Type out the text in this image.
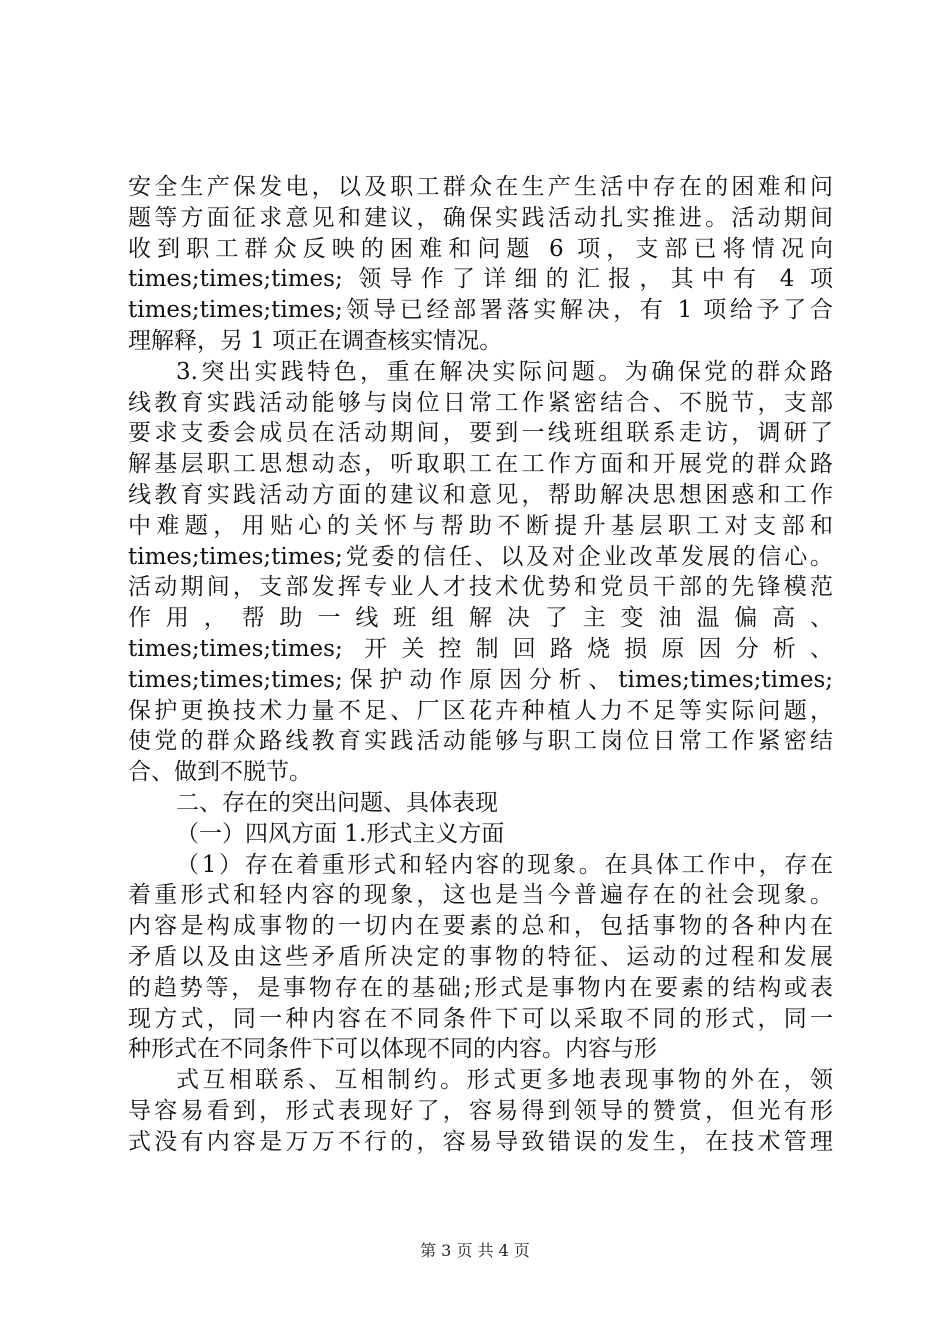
安全生产保发电，以及职工群众在生产生活中存在的困难和问
题等方面征求意见和建议，确保实践活动扎实推进。活动期间
收到职工群众反映的困难和问题 6 项，支部已将情况向
times;times;times; 领导作了详细的汇报，其中有 4 项
times;times;times;领导已经部署落实解决，有 1 项给予了合
理解释，另 1 项正在调查核实情况。
3.突出实践特色，重在解决实际问题。为确保党的群众路
线教育实践活动能够与岗位日常工作紧密结合、不脱节，支部
要求支委会成员在活动期间，要到一线班组联系走访，调研了
解基层职工思想动态，听取职工在工作方面和开展党的群众路
线教育实践活动方面的建议和意见，帮助解决思想困惑和工作
中难题，用贴心的关怀与帮助不断提升基层职工对支部和
times;times;times;党委的信任、以及对企业改革发展的信心。
活动期间，支部发挥专业人才技术优势和党员干部的先锋模范
作用，帮助一线班组解决了主变油温偏高、
times;times;times; 开关控制回路烧损原因分析、
times;times;times;保护动作原因分析、times;times;times;
保护更换技术力量不足、厂区花卉种植人力不足等实际问题，
使党的群众路线教育实践活动能够与职工岗位日常工作紧密结
合、做到不脱节。
二、存在的突出问题、具体表现
（一）四风方面 1.形式主义方面
（1）存在着重形式和轻内容的现象。在具体工作中，存在
着重形式和轻内容的现象，这也是当今普遍存在的社会现象。
内容是构成事物的一切内在要素的总和，包括事物的各种内在
矛盾以及由这些矛盾所决定的事物的特征、运动的过程和发展
的趋势等，是事物存在的基础;形式是事物内在要素的结构或表
现方式，同一种内容在不同条件下可以采取不同的形式，同一
种形式在不同条件下可以体现不同的内容。内容与形
式互相联系、互相制约。形式更多地表现事物的外在，领
导容易看到，形式表现好了，容易得到领导的赞赏，但光有形
式没有内容是万万不行的，容易导致错误的发生，在技术管理
第 3 页 共 4 页
